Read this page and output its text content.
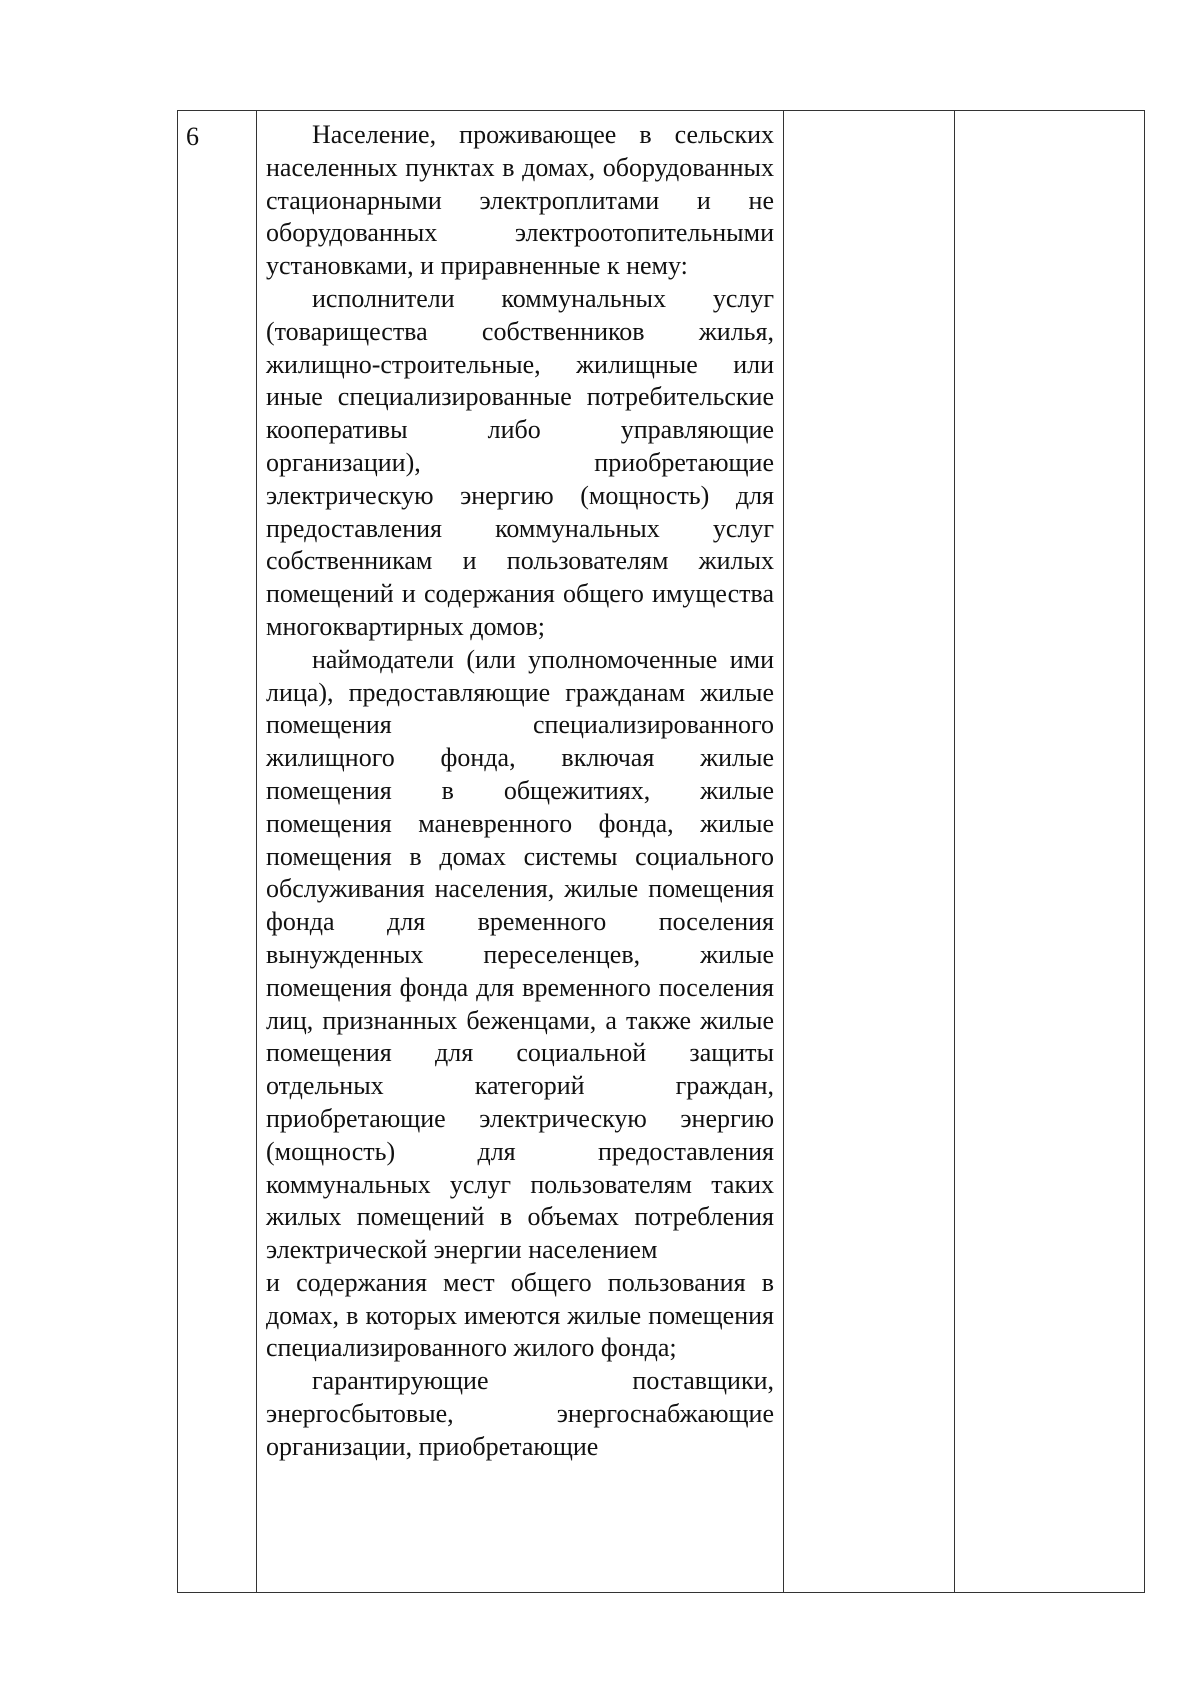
6	Население, проживающее в сельских населенных пунктах в домах, оборудованных стационарными электроплитами и не оборудованных электроотопительными установками, и приравненные к нему:

исполнители коммунальных услуг (товарищества собственников жилья, жилищно-строительные, жилищные или иные специализированные потребительские кооперативы либо управляющие организации), приобретающие электрическую энергию (мощность) для предоставления коммунальных услуг собственникам и пользователям жилых помещений и содержания общего имущества многоквартирных домов;

наймодатели (или уполномоченные ими лица), предоставляющие гражданам жилые помещения специализированного жилищного фонда, включая жилые помещения в общежитиях, жилые помещения маневренного фонда, жилые помещения в домах системы социального обслуживания населения, жилые помещения фонда для временного поселения вынужденных переселенцев, жилые помещения фонда для временного поселения лиц, признанных беженцами, а также жилые помещения для социальной защиты отдельных категорий граждан, приобретающие электрическую энергию (мощность) для предоставления коммунальных услуг пользователям таких жилых помещений в объемах потребления электрической энергии населением

и содержания мест общего пользования в домах, в которых имеются жилые помещения специализированного жилого фонда;

гарантирующие поставщики, энергосбытовые, энергоснабжающие организации, приобретающие
